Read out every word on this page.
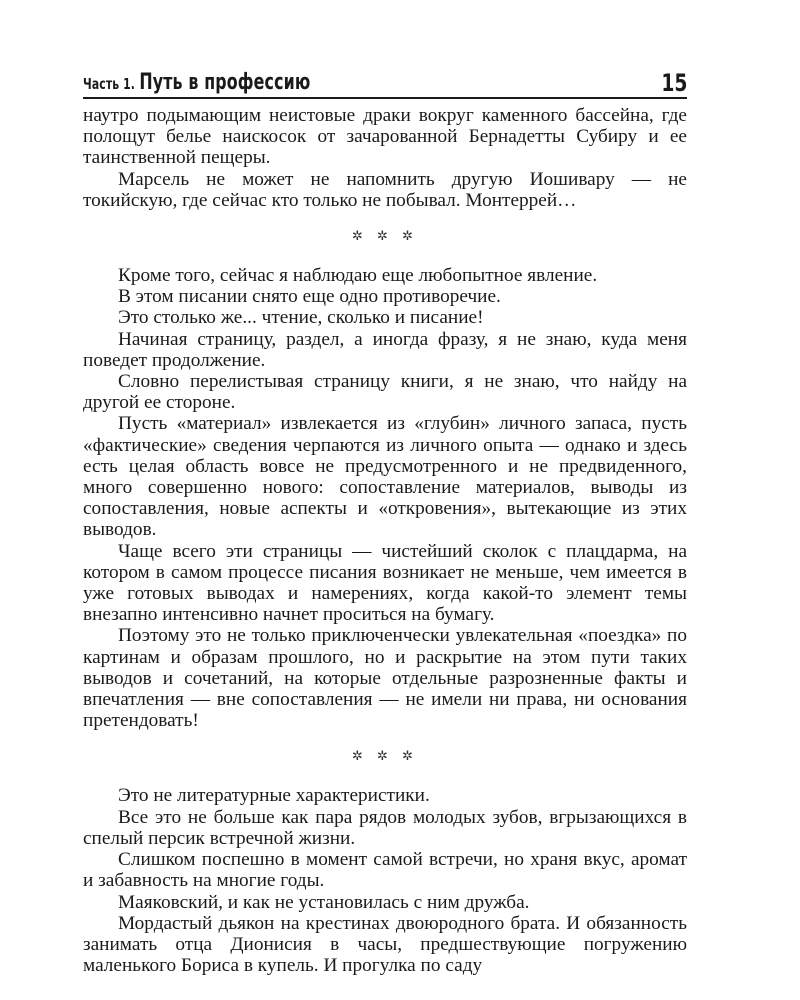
Часть 1. Путь в профессию	15

наутро подымающим неистовые драки вокруг каменного бассейна, где полощут белье наискосок от зачарованной Бернадетты Субиру и ее таинственной пещеры.

Марсель не может не напомнить другую Иошивару — не токийскую, где сейчас кто только не побывал. Монтеррей…

✲ ✲ ✲

Кроме того, сейчас я наблюдаю еще любопытное явление.

В этом писании снято еще одно противоречие.

Это столько же... чтение, сколько и писание!

Начиная страницу, раздел, а иногда фразу, я не знаю, куда меня поведет продолжение.

Словно перелистывая страницу книги, я не знаю, что найду на другой ее стороне.

Пусть «материал» извлекается из «глубин» личного запаса, пусть «фактические» сведения черпаются из личного опыта — однако и здесь есть целая область вовсе не предусмотренного и не предвиденного, много совершенно нового: сопоставление материалов, выводы из сопоставления, новые аспекты и «откровения», вытекающие из этих выводов.

Чаще всего эти страницы — чистейший сколок с плацдарма, на котором в самом процессе писания возникает не меньше, чем имеется в уже готовых выводах и намерениях, когда какой-то элемент темы внезапно интенсивно начнет проситься на бумагу.

Поэтому это не только приключенчески увлекательная «поездка» по картинам и образам прошлого, но и раскрытие на этом пути таких выводов и сочетаний, на которые отдельные разрозненные факты и впечатления — вне сопоставления — не имели ни права, ни основания претендовать!

✲ ✲ ✲

Это не литературные характеристики.

Все это не больше как пара рядов молодых зубов, вгрызающихся в спелый персик встречной жизни.

Слишком поспешно в момент самой встречи, но храня вкус, аромат и забавность на многие годы.

Маяковский, и как не установилась с ним дружба.

Мордастый дьякон на крестинах двоюродного брата. И обязанность занимать отца Дионисия в часы, предшествующие погружению маленького Бориса в купель. И прогулка по саду
